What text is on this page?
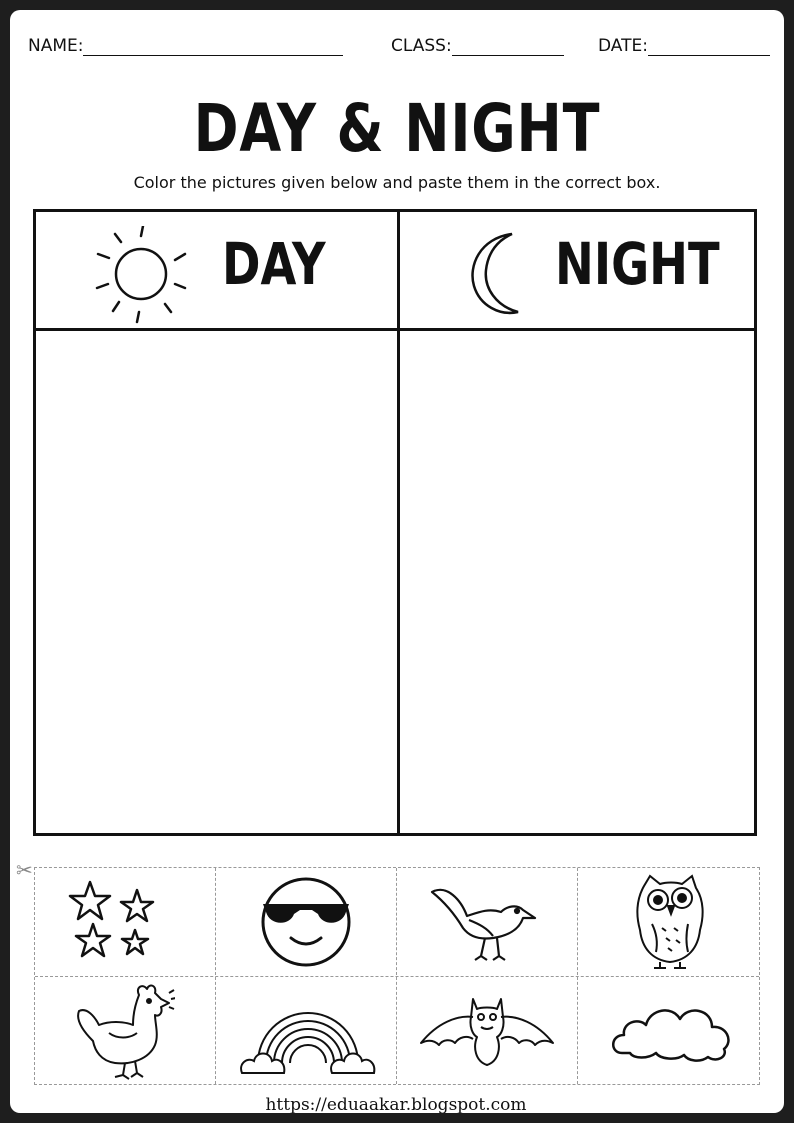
NAME:	CLASS:	DATE:
DAY & NIGHT
Color the pictures given below and paste them in the correct box.
DAY	NIGHT
✂
https://eduaakar.blogspot.com
